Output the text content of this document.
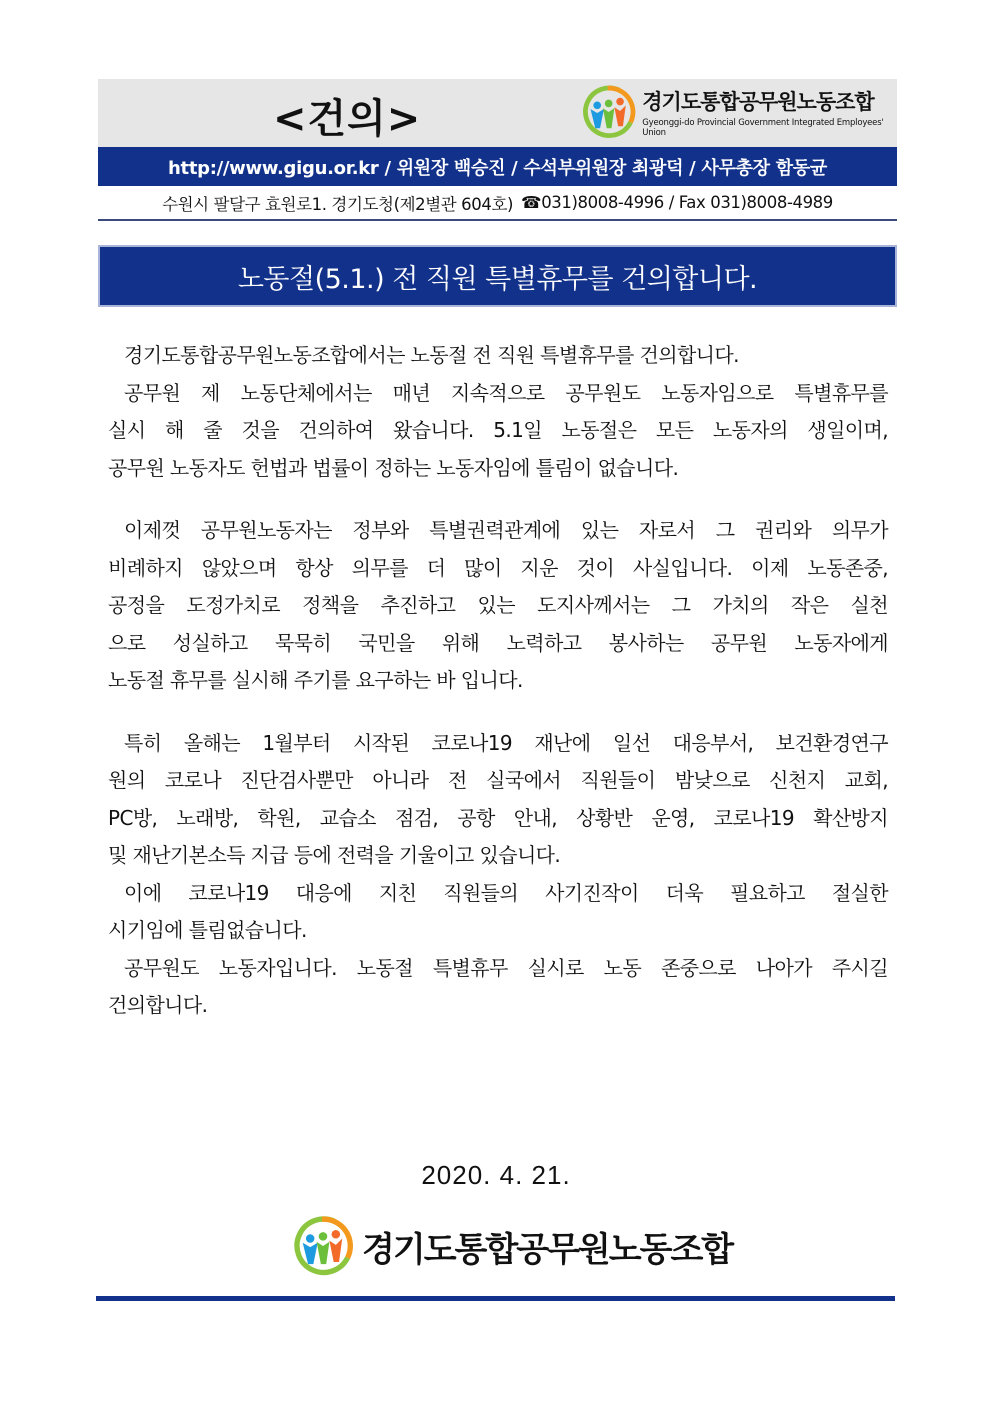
<건의>	경기도통합공무원노동조합
Gyeonggi-do Provincial Government Integrated Employees' Union
http://www.gigu.or.kr / 위원장 백승진 / 수석부위원장 최광덕 / 사무총장 함동균
수원시 팔달구 효원로1. 경기도청(제2별관 604호) ☎ 031)8008-4996 / Fax 031)8008-4989
노동절(5.1.) 전 직원 특별휴무를 건의합니다.
경기도통합공무원노동조합에서는 노동절 전 직원 특별휴무를 건의합니다.
공무원 제 노동단체에서는 매년 지속적으로 공무원도 노동자임으로 특별휴무를
실시 해 줄 것을 건의하여 왔습니다. 5.1일 노동절은 모든 노동자의 생일이며,
공무원 노동자도 헌법과 법률이 정하는 노동자임에 틀림이 없습니다.
이제껏 공무원노동자는 정부와 특별권력관계에 있는 자로서 그 권리와 의무가
비례하지 않았으며 항상 의무를 더 많이 지운 것이 사실입니다. 이제 노동존중,
공정을 도정가치로 정책을 추진하고 있는 도지사께서는 그 가치의 작은 실천
으로 성실하고 묵묵히 국민을 위해 노력하고 봉사하는 공무원 노동자에게
노동절 휴무를 실시해 주기를 요구하는 바 입니다.
특히 올해는 1월부터 시작된 코로나19 재난에 일선 대응부서, 보건환경연구
원의 코로나 진단검사뿐만 아니라 전 실국에서 직원들이 밤낮으로 신천지 교회,
PC방, 노래방, 학원, 교습소 점검, 공항 안내, 상황반 운영, 코로나19 확산방지
및 재난기본소득 지급 등에 전력을 기울이고 있습니다.
이에 코로나19 대응에 지친 직원들의 사기진작이 더욱 필요하고 절실한
시기임에 틀림없습니다.
공무원도 노동자입니다. 노동절 특별휴무 실시로 노동 존중으로 나아가 주시길
건의합니다.
2020. 4. 21.
경기도통합공무원노동조합
